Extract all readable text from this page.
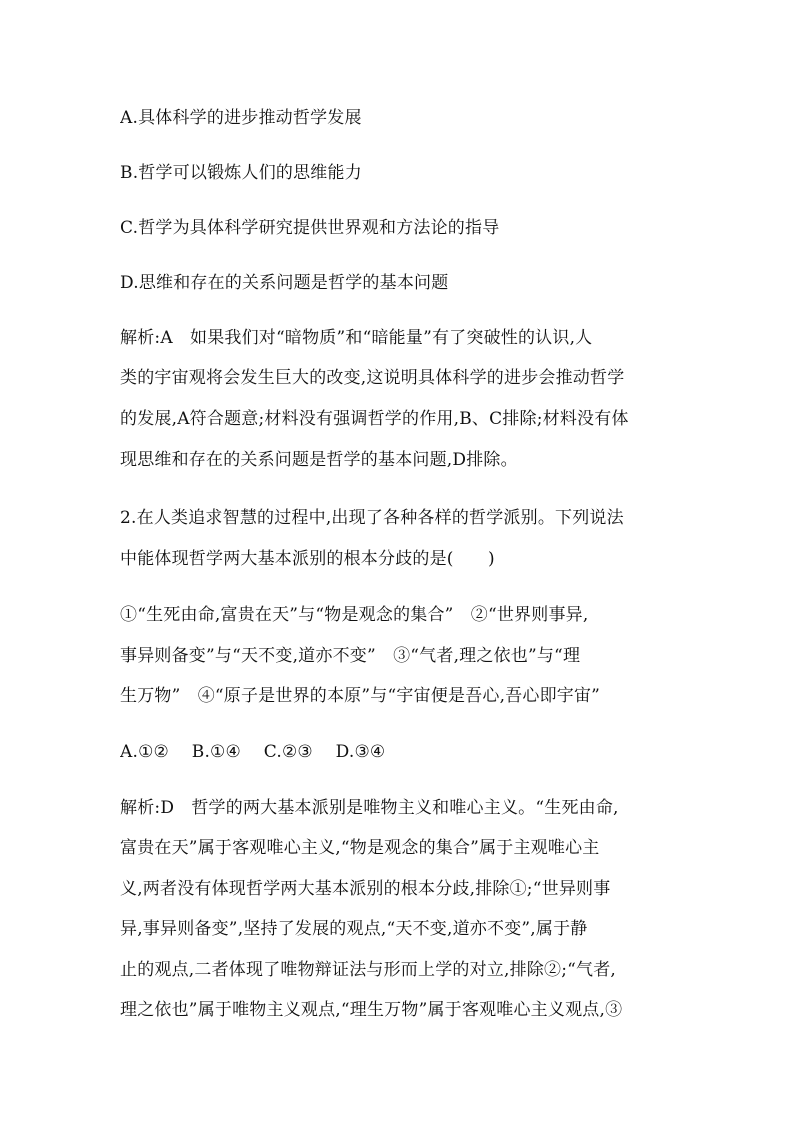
A.具体科学的进步推动哲学发展
B.哲学可以锻炼人们的思维能力
C.哲学为具体科学研究提供世界观和方法论的指导
D.思维和存在的关系问题是哲学的基本问题
解析:A　如果我们对“暗物质”和“暗能量”有了突破性的认识,人
类的宇宙观将会发生巨大的改变,这说明具体科学的进步会推动哲学
的发展,A符合题意;材料没有强调哲学的作用,B、C排除;材料没有体
现思维和存在的关系问题是哲学的基本问题,D排除。
2.在人类追求智慧的过程中,出现了各种各样的哲学派别。下列说法
中能体现哲学两大基本派别的根本分歧的是(　　)
①“生死由命,富贵在天”与“物是观念的集合”　②“世界则事异,
事异则备变”与“天不变,道亦不变”　③“气者,理之依也”与“理
生万物”　④“原子是世界的本原”与“宇宙便是吾心,吾心即宇宙”
A.①②　 B.①④　 C.②③　 D.③④
解析:D　哲学的两大基本派别是唯物主义和唯心主义。“生死由命,
富贵在天”属于客观唯心主义,“物是观念的集合”属于主观唯心主
义,两者没有体现哲学两大基本派别的根本分歧,排除①;“世异则事
异,事异则备变”,坚持了发展的观点,“天不变,道亦不变”,属于静
止的观点,二者体现了唯物辩证法与形而上学的对立,排除②;“气者,
理之依也”属于唯物主义观点,“理生万物”属于客观唯心主义观点,③
